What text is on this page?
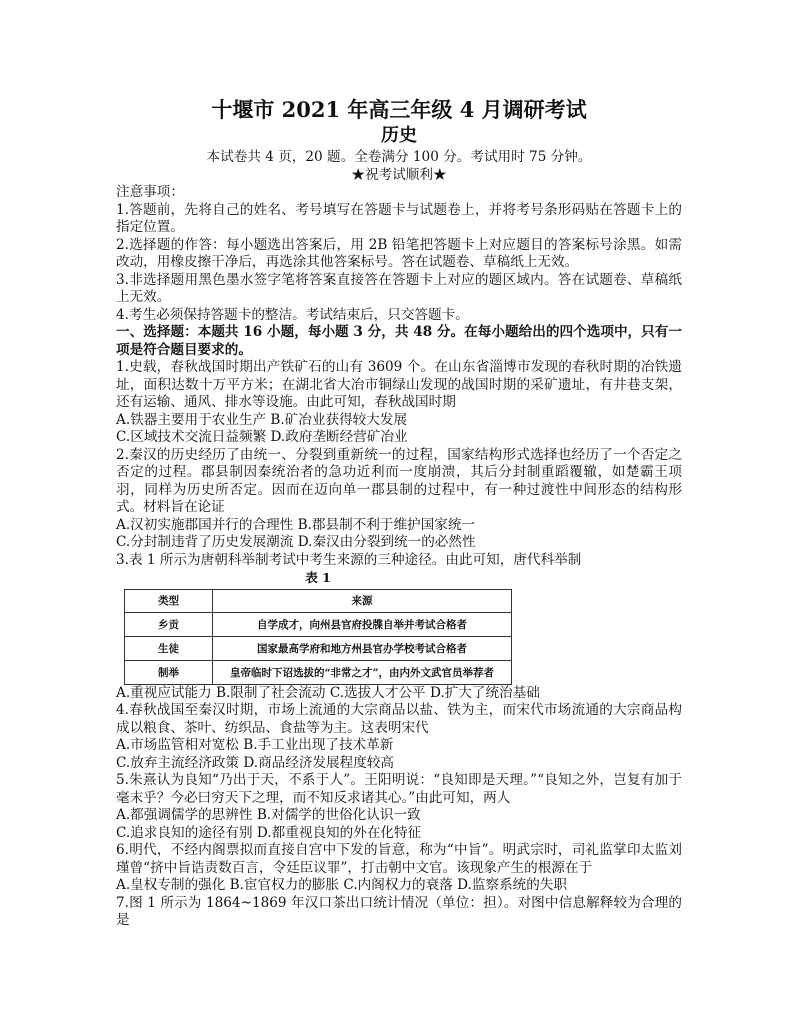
十堰市 2021 年高三年级 4 月调研考试
历史

本试卷共 4 页，20 题。全卷满分 100 分。考试用时 75 分钟。

★祝考试顺利★

注意事项：

1.答题前，先将自己的姓名、考号填写在答题卡与试题卷上，并将考号条形码贴在答题卡上的指定位置。

2.选择题的作答：每小题选出答案后，用 2B 铅笔把答题卡上对应题目的答案标号涂黑。如需改动，用橡皮擦干净后，再选涂其他答案标号。答在试题卷、草稿纸上无效。

3.非选择题用黑色墨水签字笔将答案直接答在答题卡上对应的题区域内。答在试题卷、草稿纸上无效。

4.考生必须保持答题卡的整洁。考试结束后，只交答题卡。

一、选择题：本题共 16 小题，每小题 3 分，共 48 分。在每小题给出的四个选项中，只有一项是符合题目要求的。

1.史载，春秋战国时期出产铁矿石的山有 3609 个。在山东省淄博市发现的春秋时期的冶铁遗址，面积达数十万平方米；在湖北省大冶市铜绿山发现的战国时期的采矿遗址，有井巷支架，还有运输、通风、排水等设施。由此可知，春秋战国时期

A.铁器主要用于农业生产 B.矿冶业获得较大发展
C.区域技术交流日益频繁 D.政府垄断经营矿冶业

2.秦汉的历史经历了由统一、分裂到重新统一的过程，国家结构形式选择也经历了一个否定之否定的过程。郡县制因秦统治者的急功近利而一度崩溃，其后分封制重蹈覆辙，如楚霸王项羽，同样为历史所否定。因而在迈向单一郡县制的过程中，有一种过渡性中间形态的结构形式。材料旨在论证

A.汉初实施郡国并行的合理性 B.郡县制不利于维护国家统一
C.分封制违背了历史发展潮流 D.秦汉由分裂到统一的必然性

3.表 1 所示为唐朝科举制考试中考生来源的三种途径。由此可知，唐代科举制

表 1

类型	来源
乡贡	自学成才，向州县官府投牒自举并考试合格者
生徒	国家最高学府和地方州县官办学校考试合格者
制举	皇帝临时下诏选拔的“非常之才”，由内外文武官员举荐者
A.重视应试能力 B.限制了社会流动 C.选拔人才公平 D.扩大了统治基础

4.春秋战国至秦汉时期，市场上流通的大宗商品以盐、铁为主，而宋代市场流通的大宗商品构成以粮食、茶叶、纺织品、食盐等为主。这表明宋代

A.市场监管相对宽松 B.手工业出现了技术革新
C.放弃主流经济政策 D.商品经济发展程度较高

5.朱熹认为良知“乃出于天，不系于人”。王阳明说：“良知即是天理。”“良知之外，岂复有加于毫末乎？今必曰穷天下之理，而不知反求诸其心。”由此可知，两人

A.都强调儒学的思辨性 B.对儒学的世俗化认识一致
C.追求良知的途径有别 D.都重视良知的外在化特征

6.明代，不经内阁票拟而直接自宫中下发的旨意，称为“中旨”。明武宗时，司礼监掌印太监刘瑾曾“挤中旨诰责数百言，令廷臣议罪”，打击朝中文官。该现象产生的根源在于

A.皇权专制的强化 B.宦官权力的膨胀 C.内阁权力的衰落 D.监察系统的失职

7.图 1 所示为 1864~1869 年汉口茶出口统计情况（单位：担）。对图中信息解释较为合理的是
